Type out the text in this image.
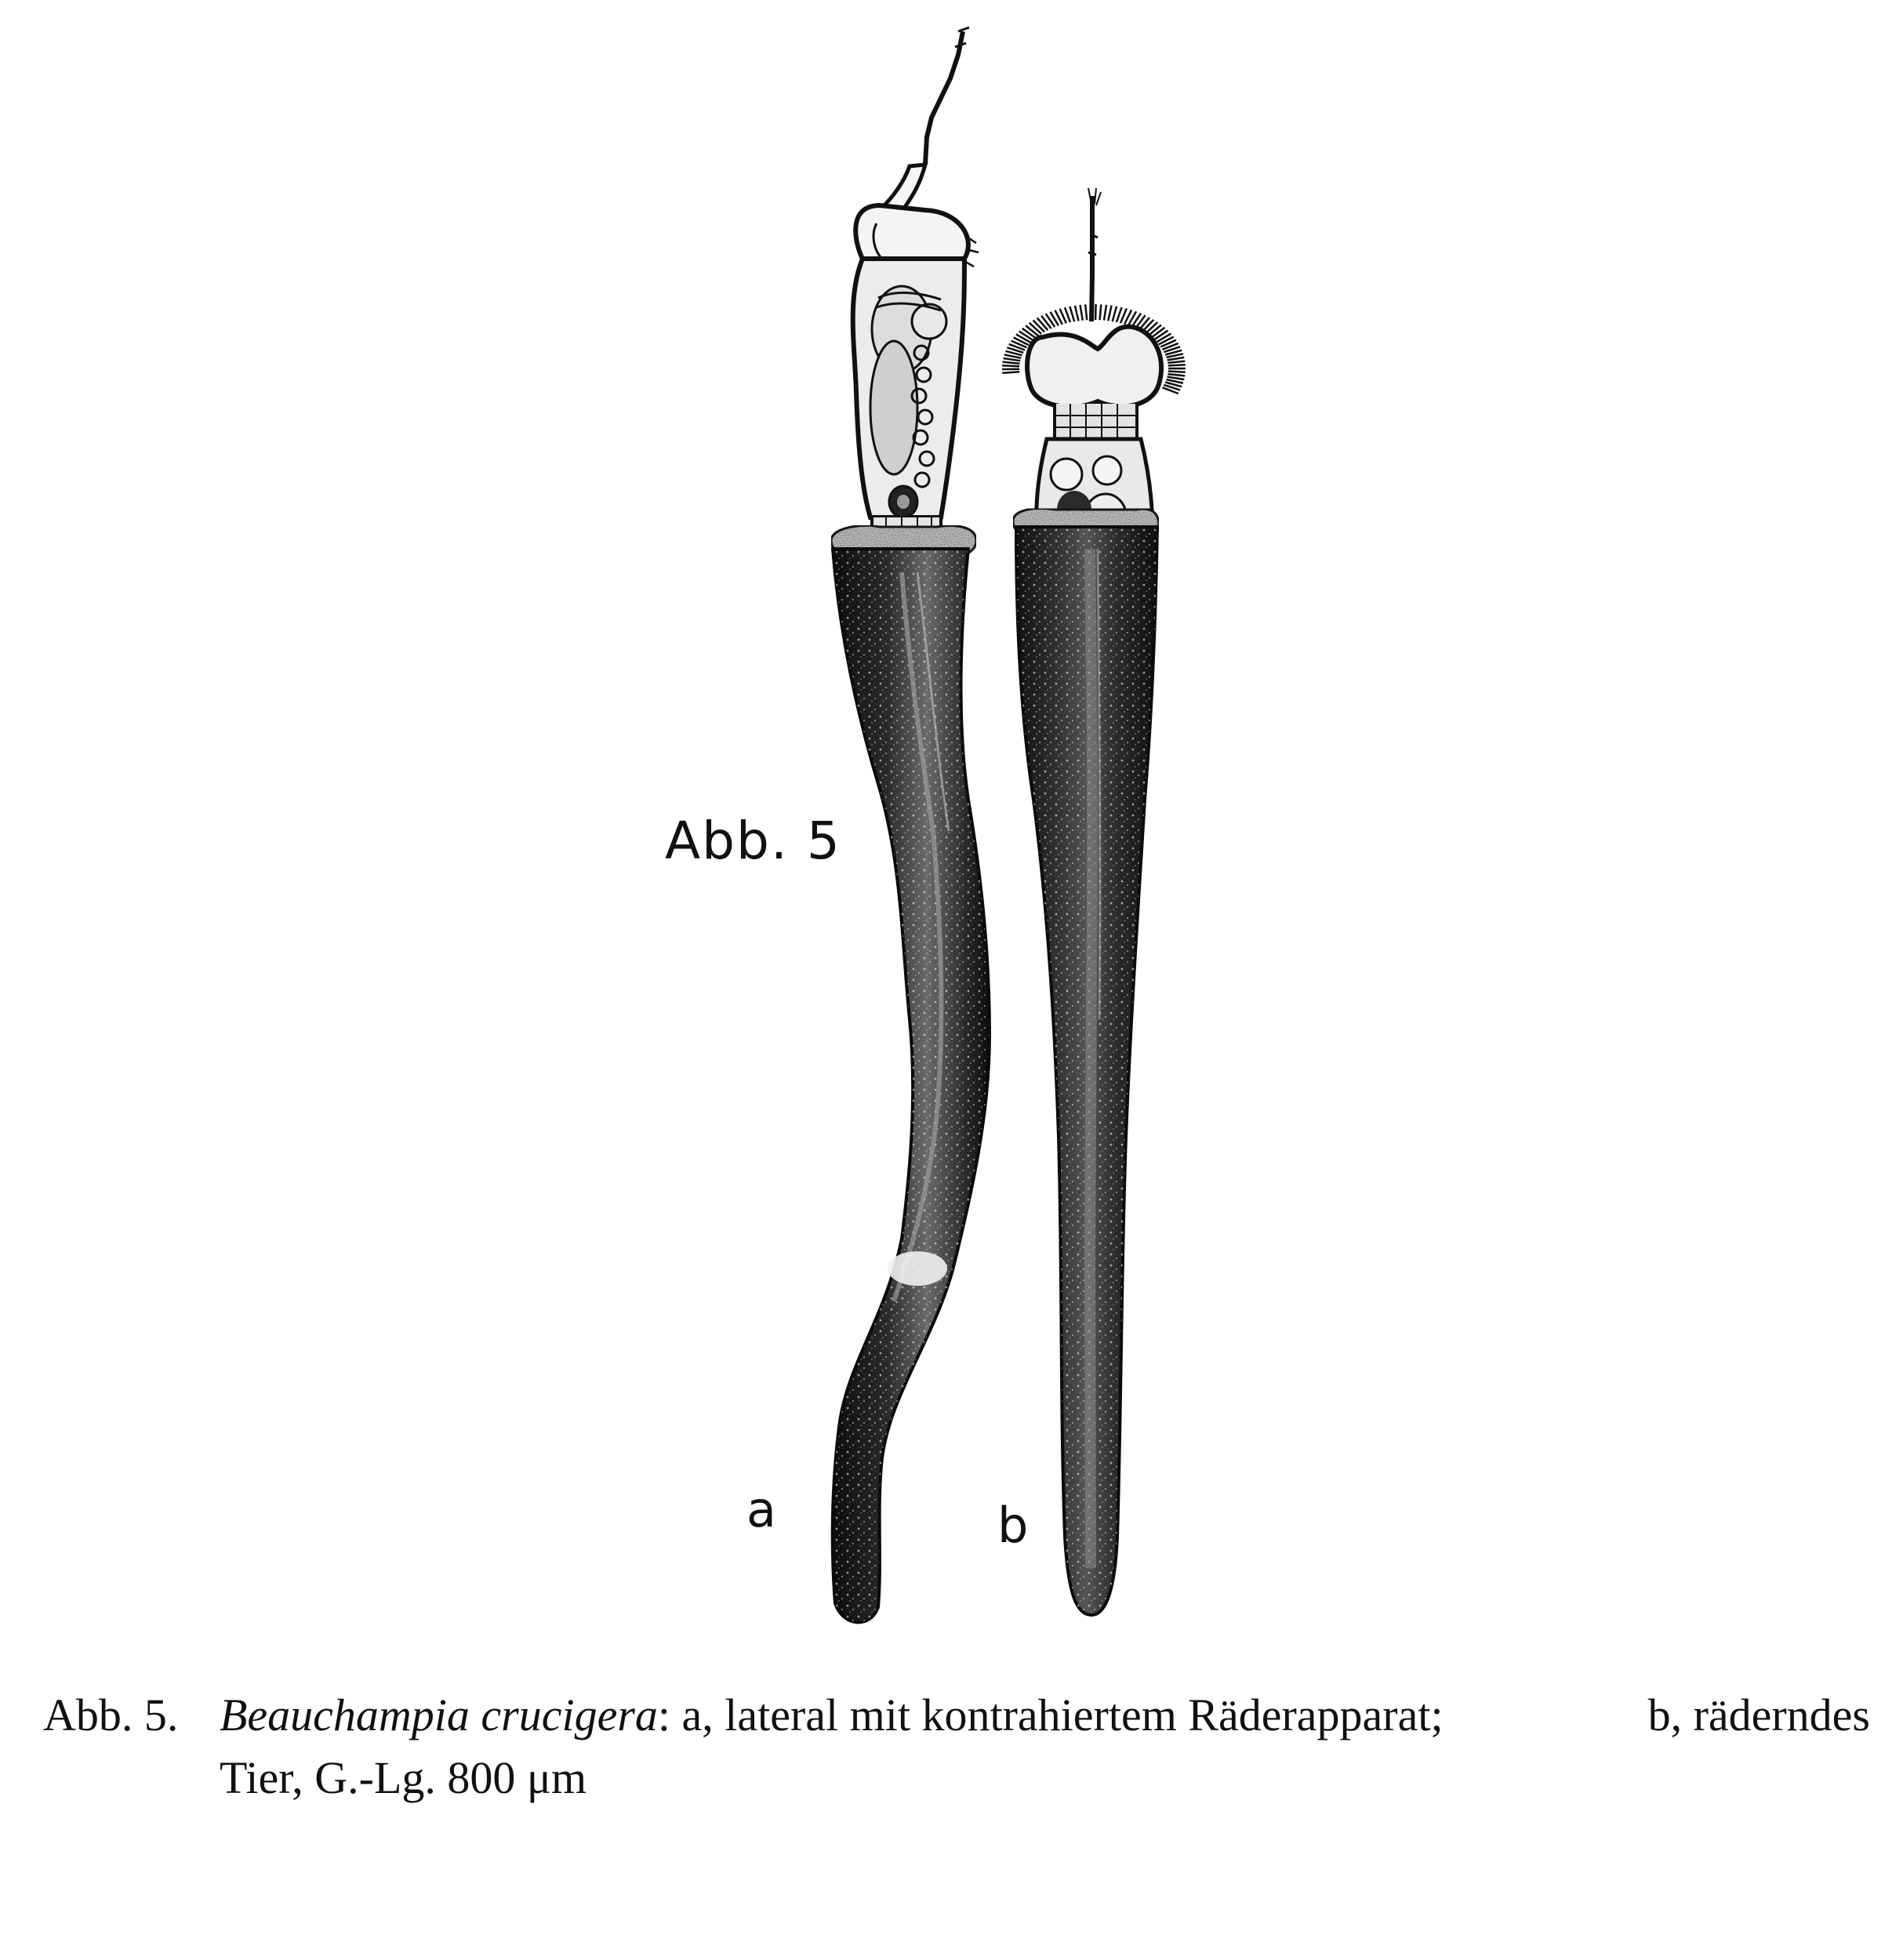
Abb. 5
a	b
Abb. 5. Beauchampia crucigera: a, lateral mit kontrahiertem Räderapparat;	b, räderndes
Tier, G.-Lg. 800 μm
